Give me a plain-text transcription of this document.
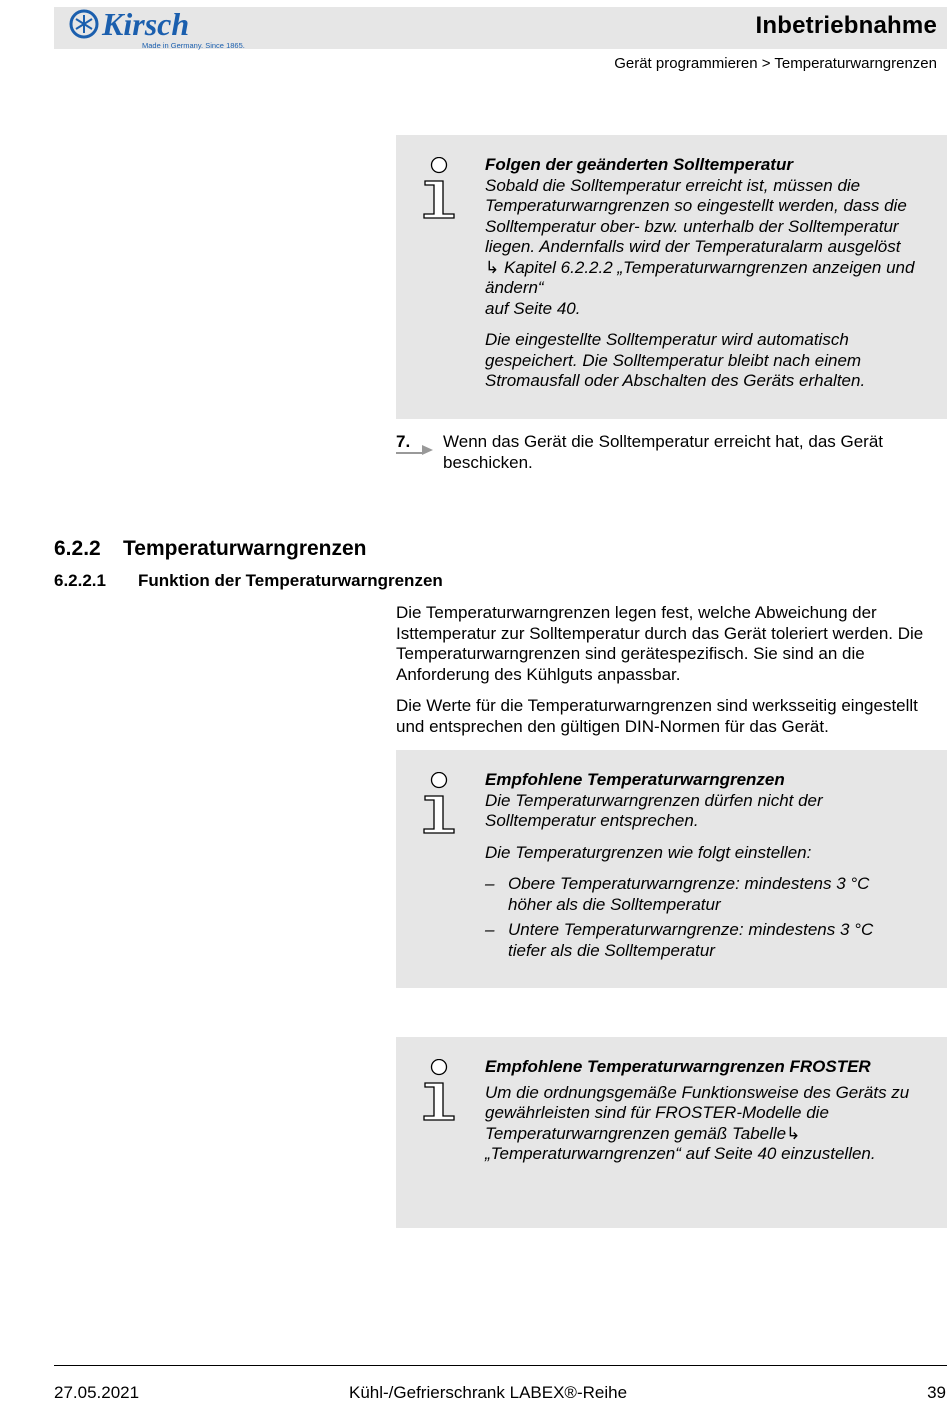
Kirsch
Made in Germany. Since 1865.
Inbetriebnahme
Gerät programmieren > Temperaturwarngrenzen
Folgen der geänderten Solltemperatur

Sobald die Solltemperatur erreicht ist, müssen die Temperaturwarngrenzen so eingestellt werden, dass die Solltemperatur ober- bzw. unterhalb der Solltemperatur liegen. Andernfalls wird der Temperaturalarm ausgelöst ↳ Kapitel 6.2.2.2 „Temperaturwarngrenzen anzeigen und ändern“
auf Seite 40.

Die eingestellte Solltemperatur wird automatisch gespeichert. Die Solltemperatur bleibt nach einem Stromausfall oder Abschalten des Geräts erhalten.

7. Wenn das Gerät die Solltemperatur erreicht hat, das Gerät beschicken.
6.2.2 Temperaturwarngrenzen
6.2.2.1 Funktion der Temperaturwarngrenzen

Die Temperaturwarngrenzen legen fest, welche Abweichung der Isttemperatur zur Solltemperatur durch das Gerät toleriert werden. Die Temperaturwarngrenzen sind gerätespezifisch. Sie sind an die Anforderung des Kühlguts anpassbar.

Die Werte für die Temperaturwarngrenzen sind werksseitig eingestellt und entsprechen den gültigen DIN-Normen für das Gerät.

Empfohlene Temperaturwarngrenzen

Die Temperaturwarngrenzen dürfen nicht der Solltemperatur entsprechen.

Die Temperaturgrenzen wie folgt einstellen:

– Obere Temperaturwarngrenze: mindestens 3 °C höher als die Solltemperatur
– Untere Temperaturwarngrenze: mindestens 3 °C tiefer als die Solltemperatur
Empfohlene Temperaturwarngrenzen FROSTER

Um die ordnungsgemäße Funktionsweise des Geräts zu gewährleisten sind für FROSTER-Modelle die Temperaturwarngrenzen gemäß Tabelle↳ „Temperaturwarngrenzen“ auf Seite 40 einzustellen.

27.05.2021	Kühl-/Gefrierschrank LABEX®-Reihe	39
